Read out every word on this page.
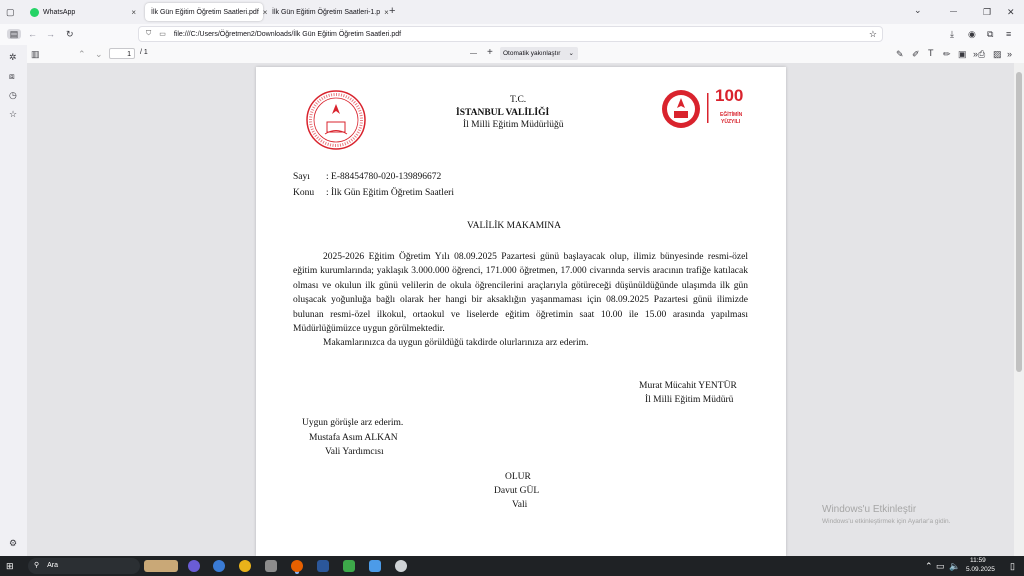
▢	WhatsApp	× İlk Gün Eğitim Öğretim Saatleri.pdf × İlk Gün Eğitim Öğretim Saatleri-1.p × +	⌄	—	❐ ✕
▤	← → ↻	⤓ ◉ ⧉ ≡
⛉ ▭ file:///C:/Users/Öğretmen2/Downloads/İlk Gün Eğitim Öğretim Saatleri.pdf	☆
✲
⧈
◷
☆
⚙
▥	⌃ ⌄	1	/ 1	— +	Otomatik yakınlaştır ⌄	✎ ✐ T ✏ ▣ » ⎙ ▨ »
T.C.
İSTANBUL VALİLİĞİ
İl Milli Eğitim Müdürlüğü
100
EĞİTİMİN
YÜZYILI
Sayı : E-88454780-020-139896672
Konu : İlk Gün Eğitim Öğretim Saatleri
VALİLİK MAKAMINA

2025-2026 Eğitim Öğretim Yılı 08.09.2025 Pazartesi günü başlayacak olup, ilimiz bünyesinde resmi-özel eğitim kurumlarında; yaklaşık 3.000.000 öğrenci, 171.000 öğretmen, 17.000 civarında servis aracının trafiğe katılacak olması ve okulun ilk günü velilerin de okula öğrencilerini araçlarıyla götüreceği düşünüldüğünde ulaşımda ilk gün oluşacak yoğunluğa bağlı olarak her hangi bir aksaklığın yaşanmaması için 08.09.2025 Pazartesi günü ilimizde bulunan resmi-özel ilkokul, ortaokul ve liselerde eğitim öğretimin saat 10.00 ile 15.00 arasında yapılması Müdürlüğümüzce uygun görülmektedir.

Makamlarınızca da uygun görüldüğü takdirde olurlarınıza arz ederim.

Murat Mücahit YENTÜR
İl Milli Eğitim Müdürü
Uygun görüşle arz ederim.
Mustafa Asım ALKAN
Vali Yardımcısı
OLUR
Davut GÜL
Vali	Windows'u Etkinleştir
Windows'u etkinleştirmek için Ayarlar'a gidin.
⊞	⚲ Ara	⌃ ▭ 🔈
11:59
5.09.2025 ▯
